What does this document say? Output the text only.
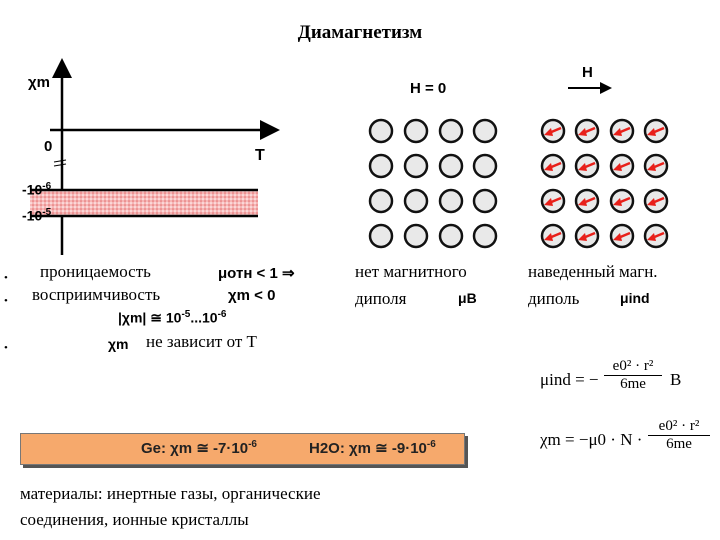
Диамагнетизм
χm
T
0
$-10^{-6}$
$-10^{-5}$
• проницаемость	μотн < 1 ⇒
• восприимчивость	χm < 0
|χm| ≅ $10^{-5}...10^{-6}$
•	χm не зависит от Т
Ge: χm ≅ $-7\cdot 10^{-6}$	H2O: χm ≅ $-9\cdot 10^{-6}$
материалы: инертные газы, органические
соединения, ионные кристаллы
H = 0
H
нет магнитного
диполя	μB
наведенный магн.
диполь	μind
μind = − $\frac{\text{e0² · r²}}{6me}$ B
$\chi m = -\mu 0 \cdot N \cdot \frac{\text{e0² · r²}}{6me}$
